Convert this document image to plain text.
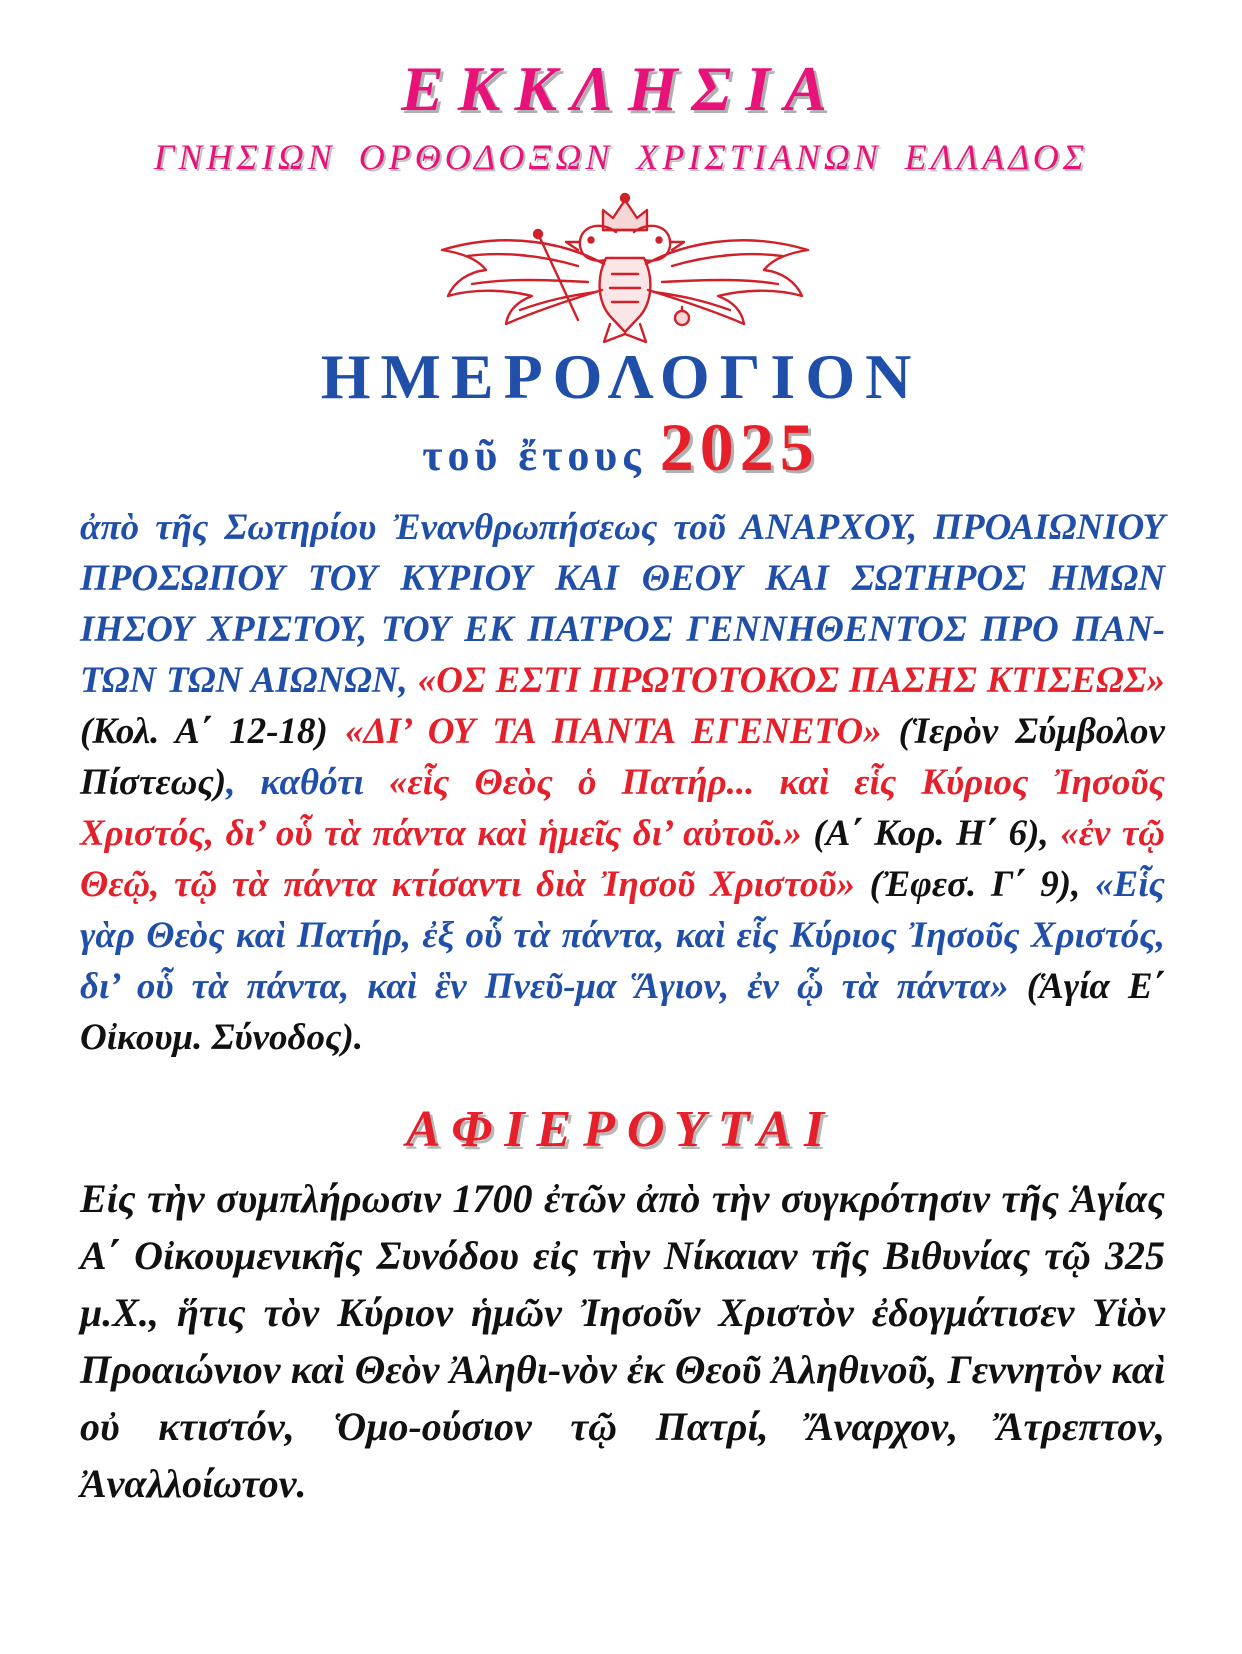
ΕΚΚΛΗΣΙΑ
ΓΝΗΣΙΩΝ ΟΡΘΟΔΟΞΩΝ ΧΡΙΣΤΙΑΝΩΝ ΕΛΛΑΔΟΣ
ΗΜΕΡΟΛΟΓΙΟΝ
τοῦ ἔτους 2025
ἀπὸ τῆς Σωτηρίου Ἐνανθρωπήσεως τοῦ ΑΝΑΡΧΟΥ, ΠΡΟΑΙΩΝΙΟΥ ΠΡΟΣΩΠΟΥ ΤΟΥ ΚΥΡΙΟΥ ΚΑΙ ΘΕΟΥ ΚΑΙ ΣΩΤΗΡΟΣ ΗΜΩΝ ΙΗΣΟΥ ΧΡΙΣΤΟΥ, ΤΟΥ ΕΚ ΠΑΤΡΟΣ ΓΕΝΝΗΘΕΝΤΟΣ ΠΡΟ ΠΑΝ-ΤΩΝ ΤΩΝ ΑΙΩΝΩΝ, «ΟΣ ΕΣΤΙ ΠΡΩΤΟΤΟΚΟΣ ΠΑΣΗΣ ΚΤΙΣΕΩΣ» (Κολ. Α΄ 12-18) «ΔΙ’ ΟΥ ΤΑ ΠΑΝΤΑ ΕΓΕΝΕΤΟ» (Ἱερὸν Σύμβολον Πίστεως), καθότι «εἷς Θεὸς ὁ Πατήρ... καὶ εἷς Κύριος Ἰησοῦς Χριστός, δι’ οὗ τὰ πάντα καὶ ἡμεῖς δι’ αὐτοῦ.» (Α΄ Κορ. Η΄ 6), «ἐν τῷ Θεῷ, τῷ τὰ πάντα κτίσαντι διὰ Ἰησοῦ Χριστοῦ» (Ἐφεσ. Γ΄ 9), «Εἷς γὰρ Θεὸς καὶ Πατήρ, ἐξ οὗ τὰ πάντα, καὶ εἷς Κύριος Ἰησοῦς Χριστός, δι’ οὗ τὰ πάντα, καὶ ἓν Πνεῦ-μα Ἅγιον, ἐν ᾧ τὰ πάντα» (Ἁγία Ε΄ Οἰκουμ. Σύνοδος).
ΑΦΙΕΡΟΥΤΑΙ
Εἰς τὴν συμπλήρωσιν 1700 ἐτῶν ἀπὸ τὴν συγκρότησιν τῆς Ἁγίας Α΄ Οἰκουμενικῆς Συνόδου εἰς τὴν Νίκαιαν τῆς Βιθυνίας τῷ 325 μ.Χ., ἥτις τὸν Κύριον ἡμῶν Ἰησοῦν Χριστὸν ἐδογμάτισεν Υἱὸν Προαιώνιον καὶ Θεὸν Ἀληθι-νὸν ἐκ Θεοῦ Ἀληθινοῦ, Γεννητὸν καὶ οὐ κτιστόν, Ὁμο-ούσιον τῷ Πατρί, Ἄναρχον, Ἄτρεπτον, Ἀναλλοίωτον.
